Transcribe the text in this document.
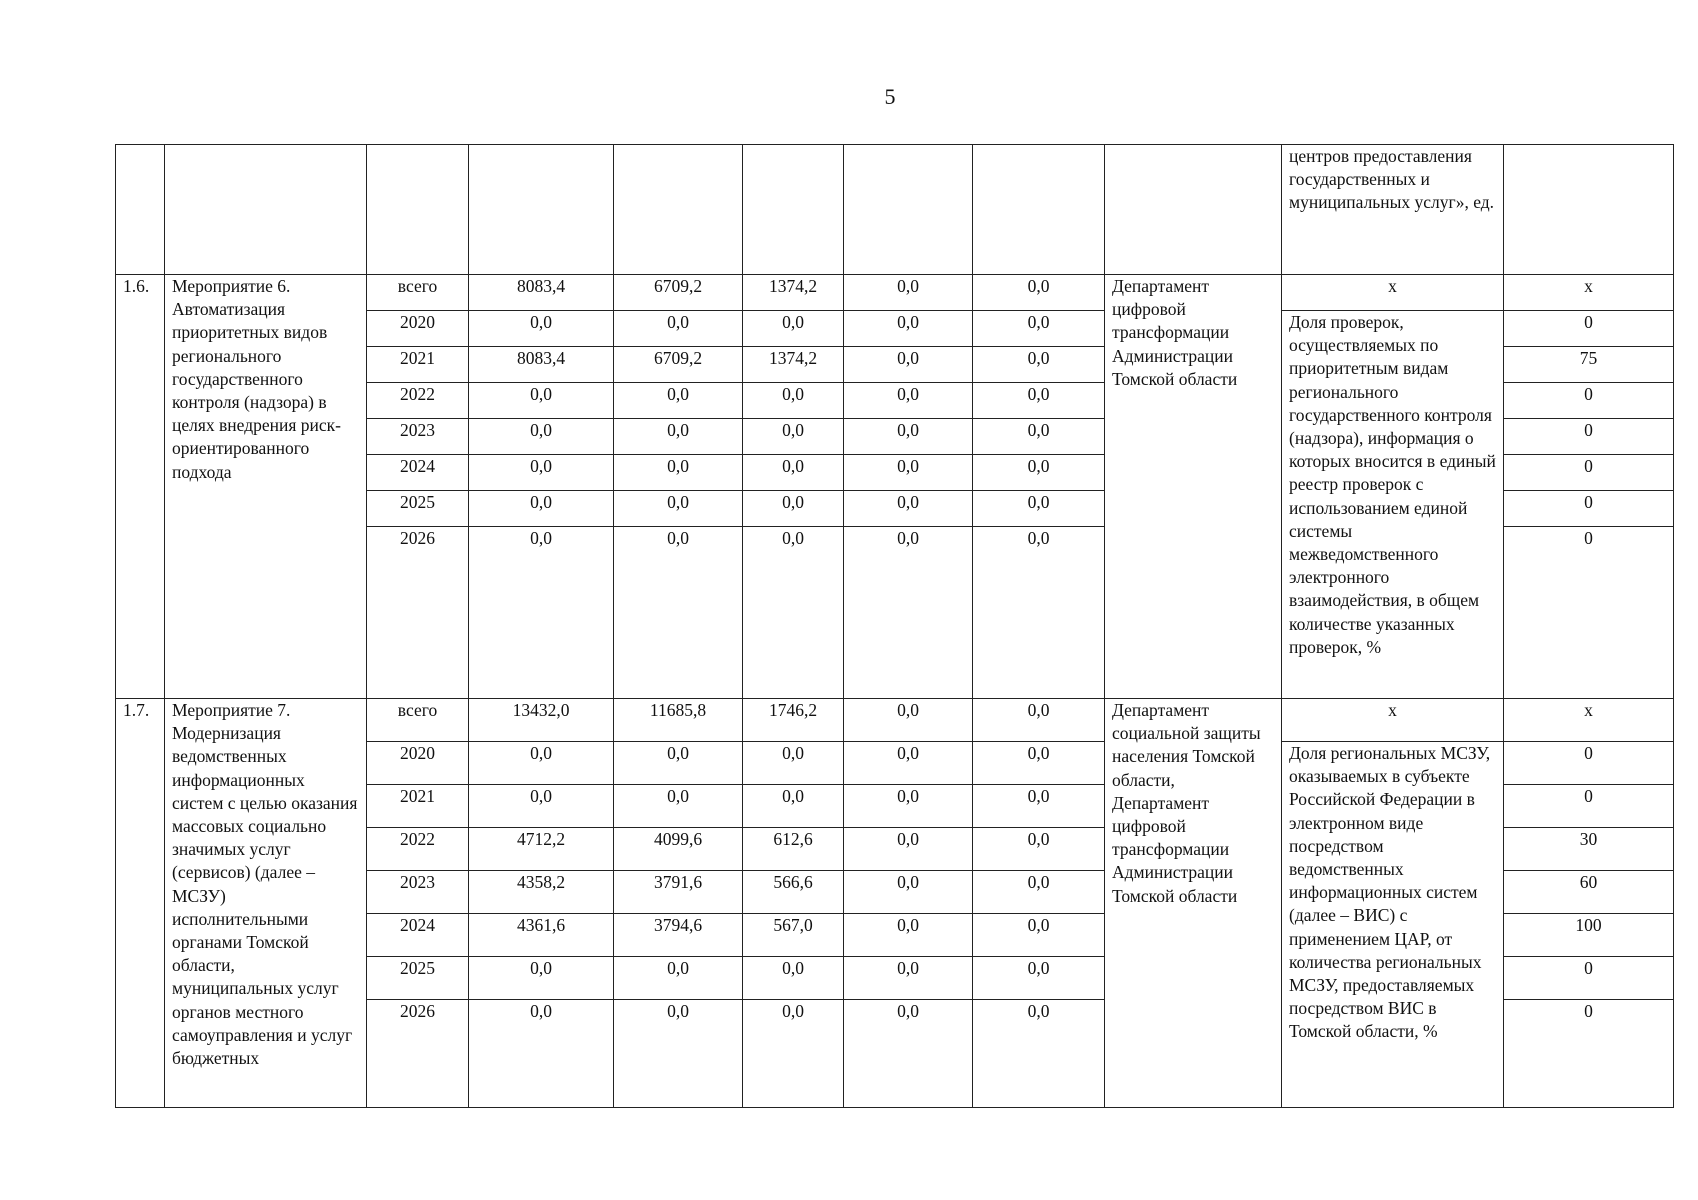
5
									центров предоставления государственных и муниципальных услуг», ед.	
1.6.	Мероприятие 6. Автоматизация приоритетных видов регионального государственного контроля (надзора) в целях внедрения риск-ориентированного подхода	всего	8083,4	6709,2	1374,2	0,0	0,0	Департамент цифровой трансформации Администрации Томской области	х	х
		2020	0,0	0,0	0,0	0,0	0,0		Доля проверок, осуществляемых по приоритетным видам регионального государственного контроля (надзора), информация о которых вносится в единый реестр проверок с использованием единой системы межведомственного электронного взаимодействия, в общем количестве указанных проверок, %	0
		2021	8083,4	6709,2	1374,2	0,0	0,0			75
		2022	0,0	0,0	0,0	0,0	0,0			0
		2023	0,0	0,0	0,0	0,0	0,0			0
		2024	0,0	0,0	0,0	0,0	0,0			0
		2025	0,0	0,0	0,0	0,0	0,0			0
		2026	0,0	0,0	0,0	0,0	0,0			0
1.7.	Мероприятие 7. Модернизация ведомственных информационных систем с целью оказания массовых социально значимых услуг (сервисов) (далее – МСЗУ) исполнительными органами Томской области, муниципальных услуг органов местного самоуправления и услуг бюджетных	всего	13432,0	11685,8	1746,2	0,0	0,0	Департамент социальной защиты населения Томской области, Департамент цифровой трансформации Администрации Томской области	х	х
		2020	0,0	0,0	0,0	0,0	0,0		Доля региональных МСЗУ, оказываемых в субъекте Российской Федерации в электронном виде посредством ведомственных информационных систем (далее – ВИС) с применением ЦАР, от количества региональных МСЗУ, предоставляемых посредством ВИС в Томской области, %	0
		2021	0,0	0,0	0,0	0,0	0,0			0
		2022	4712,2	4099,6	612,6	0,0	0,0			30
		2023	4358,2	3791,6	566,6	0,0	0,0			60
		2024	4361,6	3794,6	567,0	0,0	0,0			100
		2025	0,0	0,0	0,0	0,0	0,0			0
		2026	0,0	0,0	0,0	0,0	0,0			0
